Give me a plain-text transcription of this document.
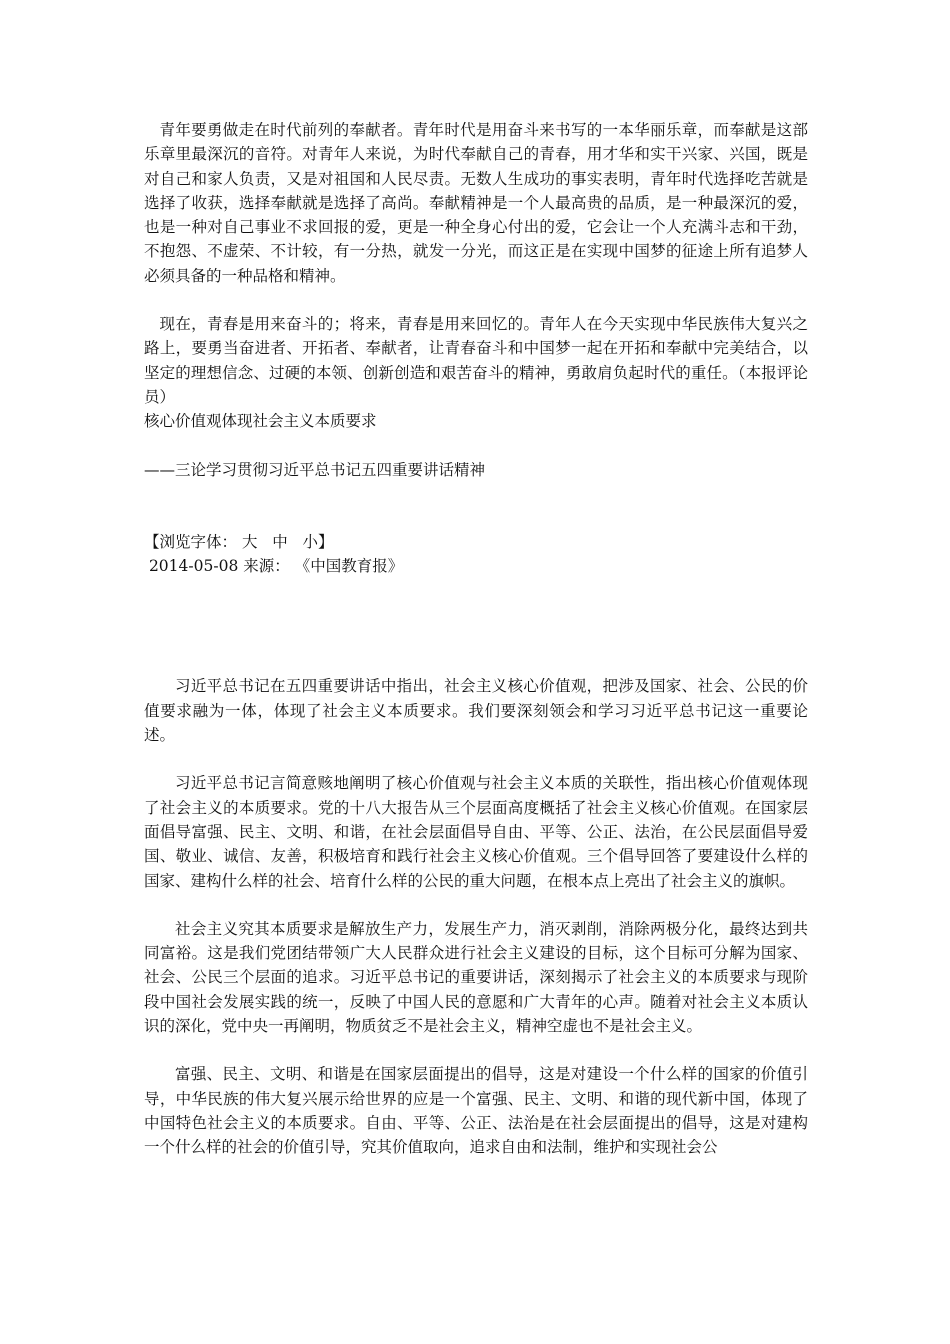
青年要勇做走在时代前列的奉献者。青年时代是用奋斗来书写的一本华丽乐章，而奉献是这部乐章里最深沉的音符。对青年人来说，为时代奉献自己的青春，用才华和实干兴家、兴国，既是对自己和家人负责，又是对祖国和人民尽责。无数人生成功的事实表明，青年时代选择吃苦就是选择了收获，选择奉献就是选择了高尚。奉献精神是一个人最高贵的品质，是一种最深沉的爱，也是一种对自己事业不求回报的爱，更是一种全身心付出的爱，它会让一个人充满斗志和干劲，不抱怨、不虚荣、不计较，有一分热，就发一分光，而这正是在实现中国梦的征途上所有追梦人必须具备的一种品格和精神。

现在，青春是用来奋斗的；将来，青春是用来回忆的。青年人在今天实现中华民族伟大复兴之路上，要勇当奋进者、开拓者、奉献者，让青春奋斗和中国梦一起在开拓和奉献中完美结合，以坚定的理想信念、过硬的本领、创新创造和艰苦奋斗的精神，勇敢肩负起时代的重任。（本报评论员）

核心价值观体现社会主义本质要求

——三论学习贯彻习近平总书记五四重要讲话精神

【浏览字体： 大 中 小】

2014-05-08 来源： 《中国教育报》

习近平总书记在五四重要讲话中指出，社会主义核心价值观，把涉及国家、社会、公民的价值要求融为一体，体现了社会主义本质要求。我们要深刻领会和学习习近平总书记这一重要论述。

习近平总书记言简意赅地阐明了核心价值观与社会主义本质的关联性，指出核心价值观体现了社会主义的本质要求。党的十八大报告从三个层面高度概括了社会主义核心价值观。在国家层面倡导富强、民主、文明、和谐，在社会层面倡导自由、平等、公正、法治，在公民层面倡导爱国、敬业、诚信、友善，积极培育和践行社会主义核心价值观。三个倡导回答了要建设什么样的国家、建构什么样的社会、培育什么样的公民的重大问题，在根本点上亮出了社会主义的旗帜。

社会主义究其本质要求是解放生产力，发展生产力，消灭剥削，消除两极分化，最终达到共同富裕。这是我们党团结带领广大人民群众进行社会主义建设的目标，这个目标可分解为国家、社会、公民三个层面的追求。习近平总书记的重要讲话，深刻揭示了社会主义的本质要求与现阶段中国社会发展实践的统一，反映了中国人民的意愿和广大青年的心声。随着对社会主义本质认识的深化，党中央一再阐明，物质贫乏不是社会主义，精神空虚也不是社会主义。

富强、民主、文明、和谐是在国家层面提出的倡导，这是对建设一个什么样的国家的价值引导，中华民族的伟大复兴展示给世界的应是一个富强、民主、文明、和谐的现代新中国，体现了中国特色社会主义的本质要求。自由、平等、公正、法治是在社会层面提出的倡导，这是对建构一个什么样的社会的价值引导，究其价值取向，追求自由和法制，维护和实现社会公
